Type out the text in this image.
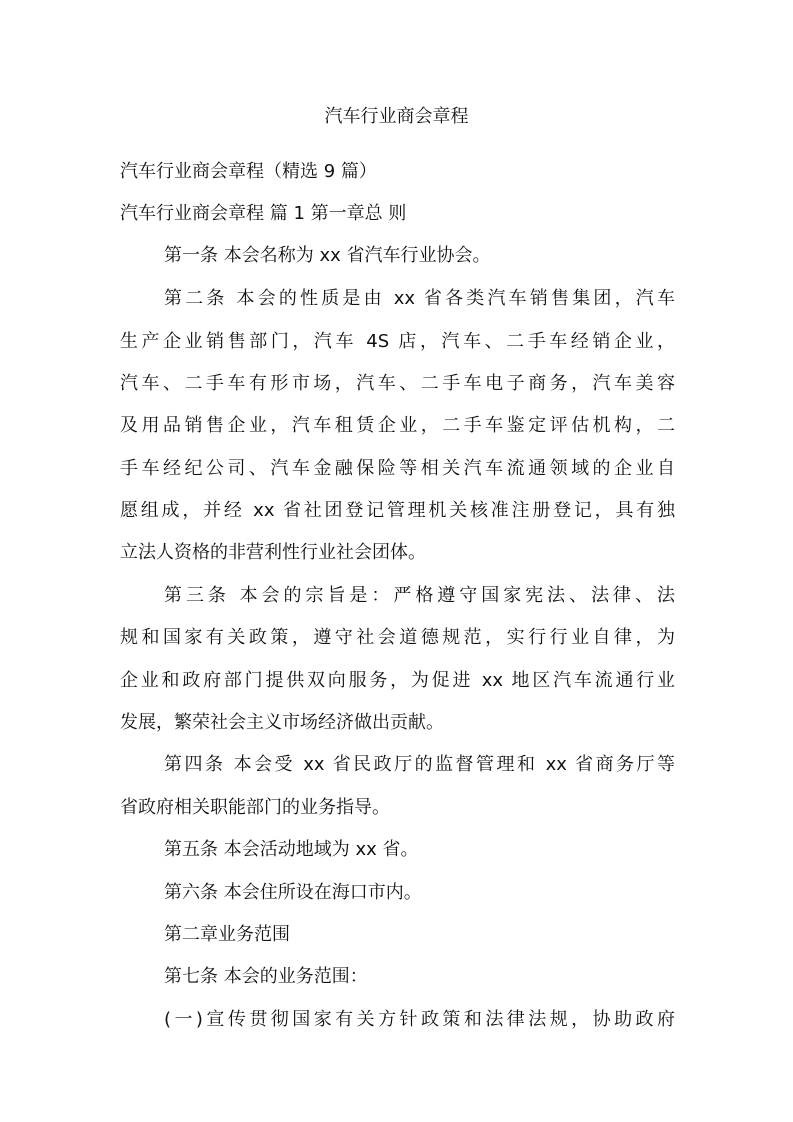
汽车行业商会章程
汽车行业商会章程（精选 9 篇）
汽车行业商会章程 篇 1 第一章总 则
第一条 本会名称为 xx 省汽车行业协会。
第二条 本会的性质是由 xx 省各类汽车销售集团，汽车
生产企业销售部门，汽车 4S 店，汽车、二手车经销企业，
汽车、二手车有形市场，汽车、二手车电子商务，汽车美容
及用品销售企业，汽车租赁企业，二手车鉴定评估机构，二
手车经纪公司、汽车金融保险等相关汽车流通领域的企业自
愿组成，并经 xx 省社团登记管理机关核准注册登记，具有独
立法人资格的非营利性行业社会团体。
第三条 本会的宗旨是：严格遵守国家宪法、法律、法
规和国家有关政策，遵守社会道德规范，实行行业自律，为
企业和政府部门提供双向服务，为促进 xx 地区汽车流通行业
发展，繁荣社会主义市场经济做出贡献。
第四条 本会受 xx 省民政厅的监督管理和 xx 省商务厅等
省政府相关职能部门的业务指导。
第五条 本会活动地域为 xx 省。
第六条 本会住所设在海口市内。
第二章业务范围
第七条 本会的业务范围：
(一)宣传贯彻国家有关方针政策和法律法规，协助政府
